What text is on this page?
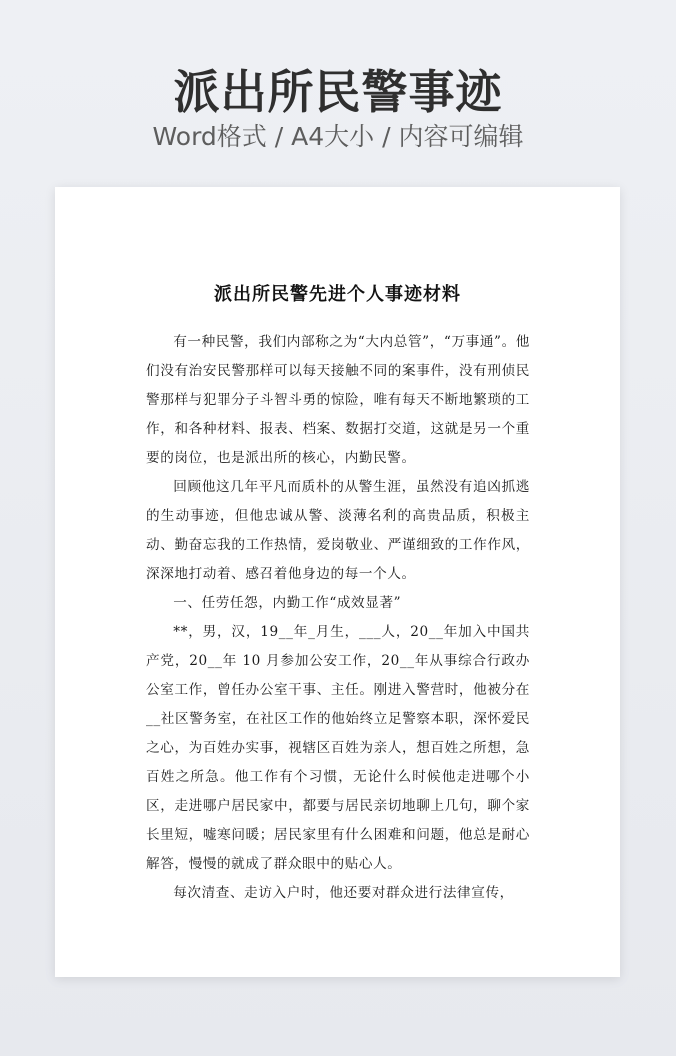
派出所民警事迹
Word格式 / A4大小 / 内容可编辑
派出所民警先进个人事迹材料

有一种民警，我们内部称之为“大内总管”，“万事通”。他们没有治安民警那样可以每天接触不同的案事件，没有刑侦民警那样与犯罪分子斗智斗勇的惊险，唯有每天不断地繁琐的工作，和各种材料、报表、档案、数据打交道，这就是另一个重要的岗位，也是派出所的核心，内勤民警。

回顾他这几年平凡而质朴的从警生涯，虽然没有追凶抓逃的生动事迹，但他忠诚从警、淡薄名利的高贵品质，积极主动、勤奋忘我的工作热情，爱岗敬业、严谨细致的工作作风，深深地打动着、感召着他身边的每一个人。

一、任劳任怨，内勤工作“成效显著”

**，男，汉，19__年_月生，___人，20__年加入中国共产党，20__年 10 月参加公安工作，20__年从事综合行政办公室工作，曾任办公室干事、主任。刚进入警营时，他被分在__社区警务室，在社区工作的他始终立足警察本职，深怀爱民之心，为百姓办实事，视辖区百姓为亲人，想百姓之所想，急百姓之所急。他工作有个习惯，无论什么时候他走进哪个小区，走进哪户居民家中，都要与居民亲切地聊上几句，聊个家长里短，嘘寒问暖；居民家里有什么困难和问题，他总是耐心解答，慢慢的就成了群众眼中的贴心人。

每次清查、走访入户时，他还要对群众进行法律宣传，
